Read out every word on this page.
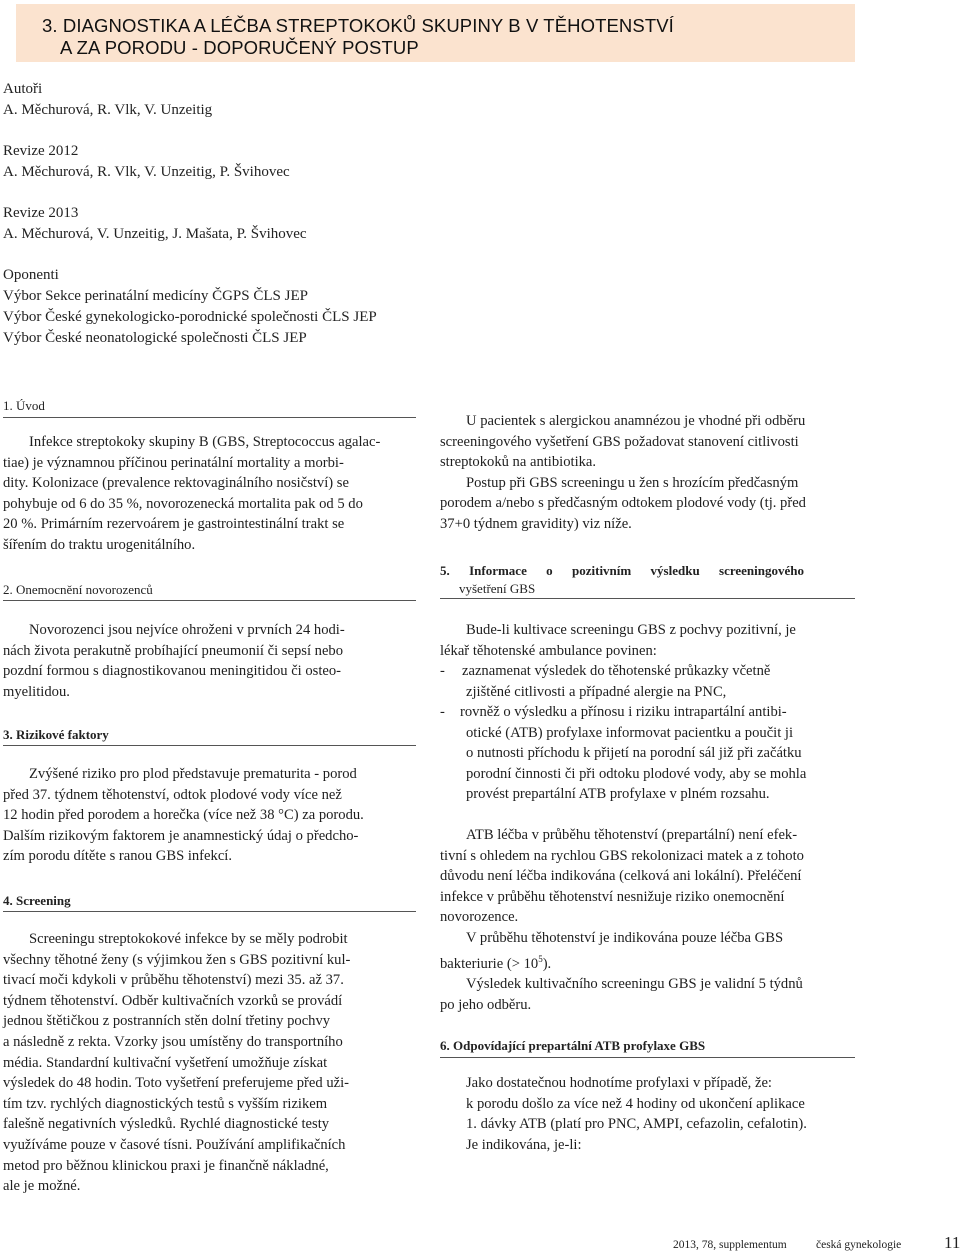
3. DIAGNOSTIKA A LÉČBA STREPTOKOKŮ SKUPINY B V TĚHOTENSTVÍ
A ZA PORODU - DOPORUČENÝ POSTUP
Autoři
A. Měchurová, R. Vlk, V. Unzeitig
Revize 2012
A. Měchurová, R. Vlk, V. Unzeitig, P. Švihovec
Revize 2013
A. Měchurová, V. Unzeitig, J. Mašata, P. Švihovec
Oponenti
Výbor Sekce perinatální medicíny ČGPS ČLS JEP
Výbor České gynekologicko-porodnické společnosti ČLS JEP
Výbor České neonatologické společnosti ČLS JEP
1. Úvod
Infekce streptokoky skupiny B (GBS, Streptococcus agalac-
tiae) je významnou příčinou perinatální mortality a morbi-
dity. Kolonizace (prevalence rektovaginálního nosičství) se
pohybuje od 6 do 35 %, novorozenecká mortalita pak od 5 do
20 %. Primárním rezervoárem je gastrointestinální trakt se
šířením do traktu urogenitálního.
2. Onemocnění novorozenců
Novorozenci jsou nejvíce ohroženi v prvních 24 hodi-
nách života perakutně probíhající pneumonií či sepsí nebo
pozdní formou s diagnostikovanou meningitidou či osteo-
myelitidou.
3. Rizikové faktory
Zvýšené riziko pro plod představuje prematurita - porod
před 37. týdnem těhotenství, odtok plodové vody více než
12 hodin před porodem a horečka (více než 38 °C) za porodu.
Dalším rizikovým faktorem je anamnestický údaj o předcho-
zím porodu dítěte s ranou GBS infekcí.
4. Screening
Screeningu streptokokové infekce by se měly podrobit
všechny těhotné ženy (s výjimkou žen s GBS pozitivní kul-
tivací moči kdykoli v průběhu těhotenství) mezi 35. až 37.
týdnem těhotenství. Odběr kultivačních vzorků se provádí
jednou štětičkou z postranních stěn dolní třetiny pochvy
a následně z rekta. Vzorky jsou umístěny do transportního
média. Standardní kultivační vyšetření umožňuje získat
výsledek do 48 hodin. Toto vyšetření preferujeme před uži-
tím tzv. rychlých diagnostických testů s vyšším rizikem
falešně negativních výsledků. Rychlé diagnostické testy
využíváme pouze v časové tísni. Používání amplifikačních
metod pro běžnou klinickou praxi je finančně nákladné,
ale je možné.
U pacientek s alergickou anamnézou je vhodné při odběru
screeningového vyšetření GBS požadovat stanovení citlivosti
streptokoků na antibiotika.
Postup při GBS screeningu u žen s hrozícím předčasným
porodem a/nebo s předčasným odtokem plodové vody (tj. před
37+0 týdnem gravidity) viz níže.
5. Informace o pozitivním výsledku screeningového
vyšetření GBS
Bude-li kultivace screeningu GBS z pochvy pozitivní, je
lékař těhotenské ambulance povinen:
-	zaznamenat výsledek do těhotenské průkazky včetně
zjištěné citlivosti a případné alergie na PNC,
-	rovněž o výsledku a přínosu i riziku intrapartální antibi-
otické (ATB) profylaxe informovat pacientku a poučit ji
o nutnosti příchodu k přijetí na porodní sál již při začátku
porodní činnosti či při odtoku plodové vody, aby se mohla
provést prepartální ATB profylaxe v plném rozsahu.
ATB léčba v průběhu těhotenství (prepartální) není efek-
tivní s ohledem na rychlou GBS rekolonizaci matek a z tohoto
důvodu není léčba indikována (celková ani lokální). Přeléčení
infekce v průběhu těhotenství nesnižuje riziko onemocnění
novorozence.
V průběhu těhotenství je indikována pouze léčba GBS
bakteriurie (> $10^5$).
Výsledek kultivačního screeningu GBS je validní 5 týdnů
po jeho odběru.
6. Odpovídající prepartální ATB profylaxe GBS
Jako dostatečnou hodnotíme profylaxi v případě, že:
k porodu došlo za více než 4 hodiny od ukončení aplikace
1. dávky ATB (platí pro PNC, AMPI, cefazolin, cefalotin).
Je indikována, je-li:
2013, 78, supplementum	česká gynekologie	11
